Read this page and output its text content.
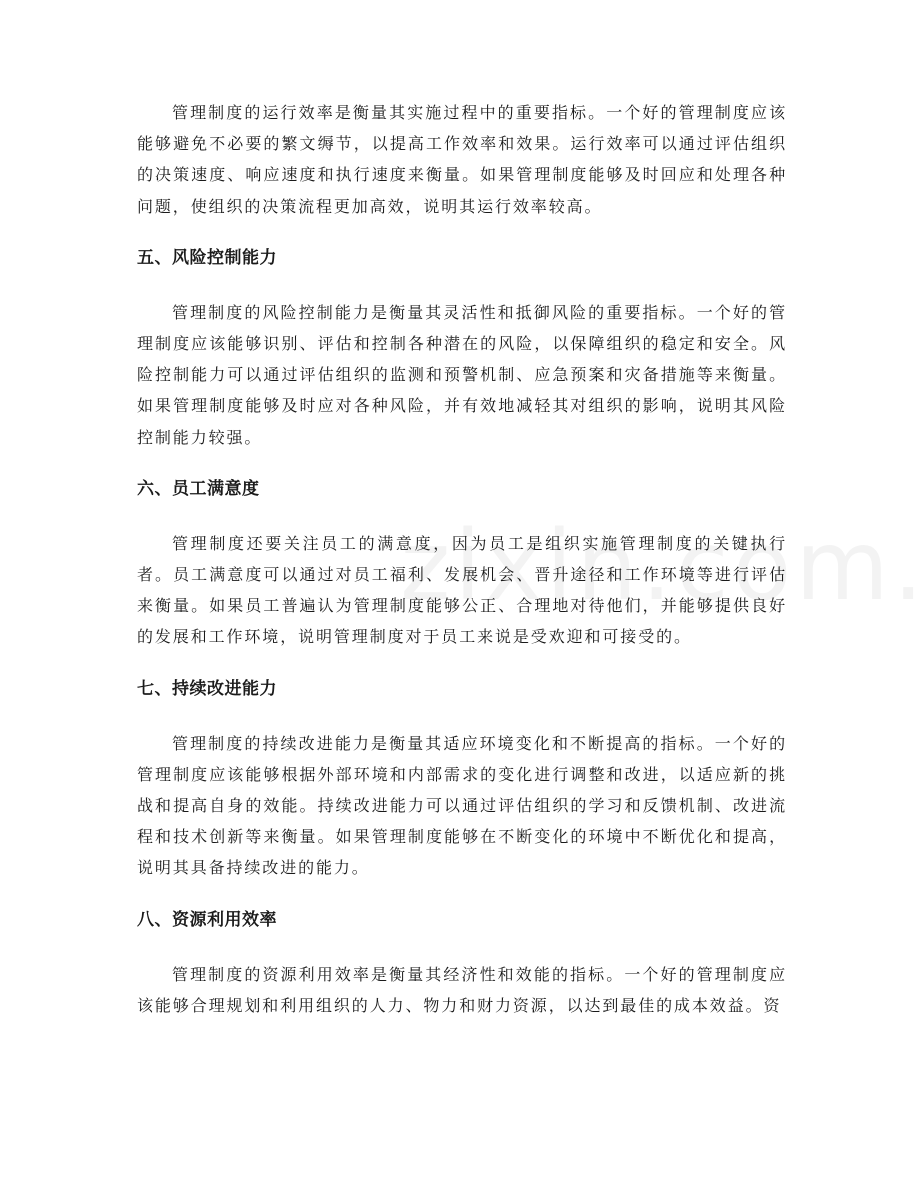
管理制度的运行效率是衡量其实施过程中的重要指标。一个好的管理制度应该能够避免不必要的繁文缛节，以提高工作效率和效果。运行效率可以通过评估组织的决策速度、响应速度和执行速度来衡量。如果管理制度能够及时回应和处理各种问题，使组织的决策流程更加高效，说明其运行效率较高。

五、风险控制能力

管理制度的风险控制能力是衡量其灵活性和抵御风险的重要指标。一个好的管理制度应该能够识别、评估和控制各种潜在的风险，以保障组织的稳定和安全。风险控制能力可以通过评估组织的监测和预警机制、应急预案和灾备措施等来衡量。如果管理制度能够及时应对各种风险，并有效地减轻其对组织的影响，说明其风险控制能力较强。

六、员工满意度

管理制度还要关注员工的满意度，因为员工是组织实施管理制度的关键执行者。员工满意度可以通过对员工福利、发展机会、晋升途径和工作环境等进行评估来衡量。如果员工普遍认为管理制度能够公正、合理地对待他们，并能够提供良好的发展和工作环境，说明管理制度对于员工来说是受欢迎和可接受的。

七、持续改进能力

管理制度的持续改进能力是衡量其适应环境变化和不断提高的指标。一个好的管理制度应该能够根据外部环境和内部需求的变化进行调整和改进，以适应新的挑战和提高自身的效能。持续改进能力可以通过评估组织的学习和反馈机制、改进流程和技术创新等来衡量。如果管理制度能够在不断变化的环境中不断优化和提高，说明其具备持续改进的能力。

八、资源利用效率

管理制度的资源利用效率是衡量其经济性和效能的指标。一个好的管理制度应该能够合理规划和利用组织的人力、物力和财力资源，以达到最佳的成本效益。资
